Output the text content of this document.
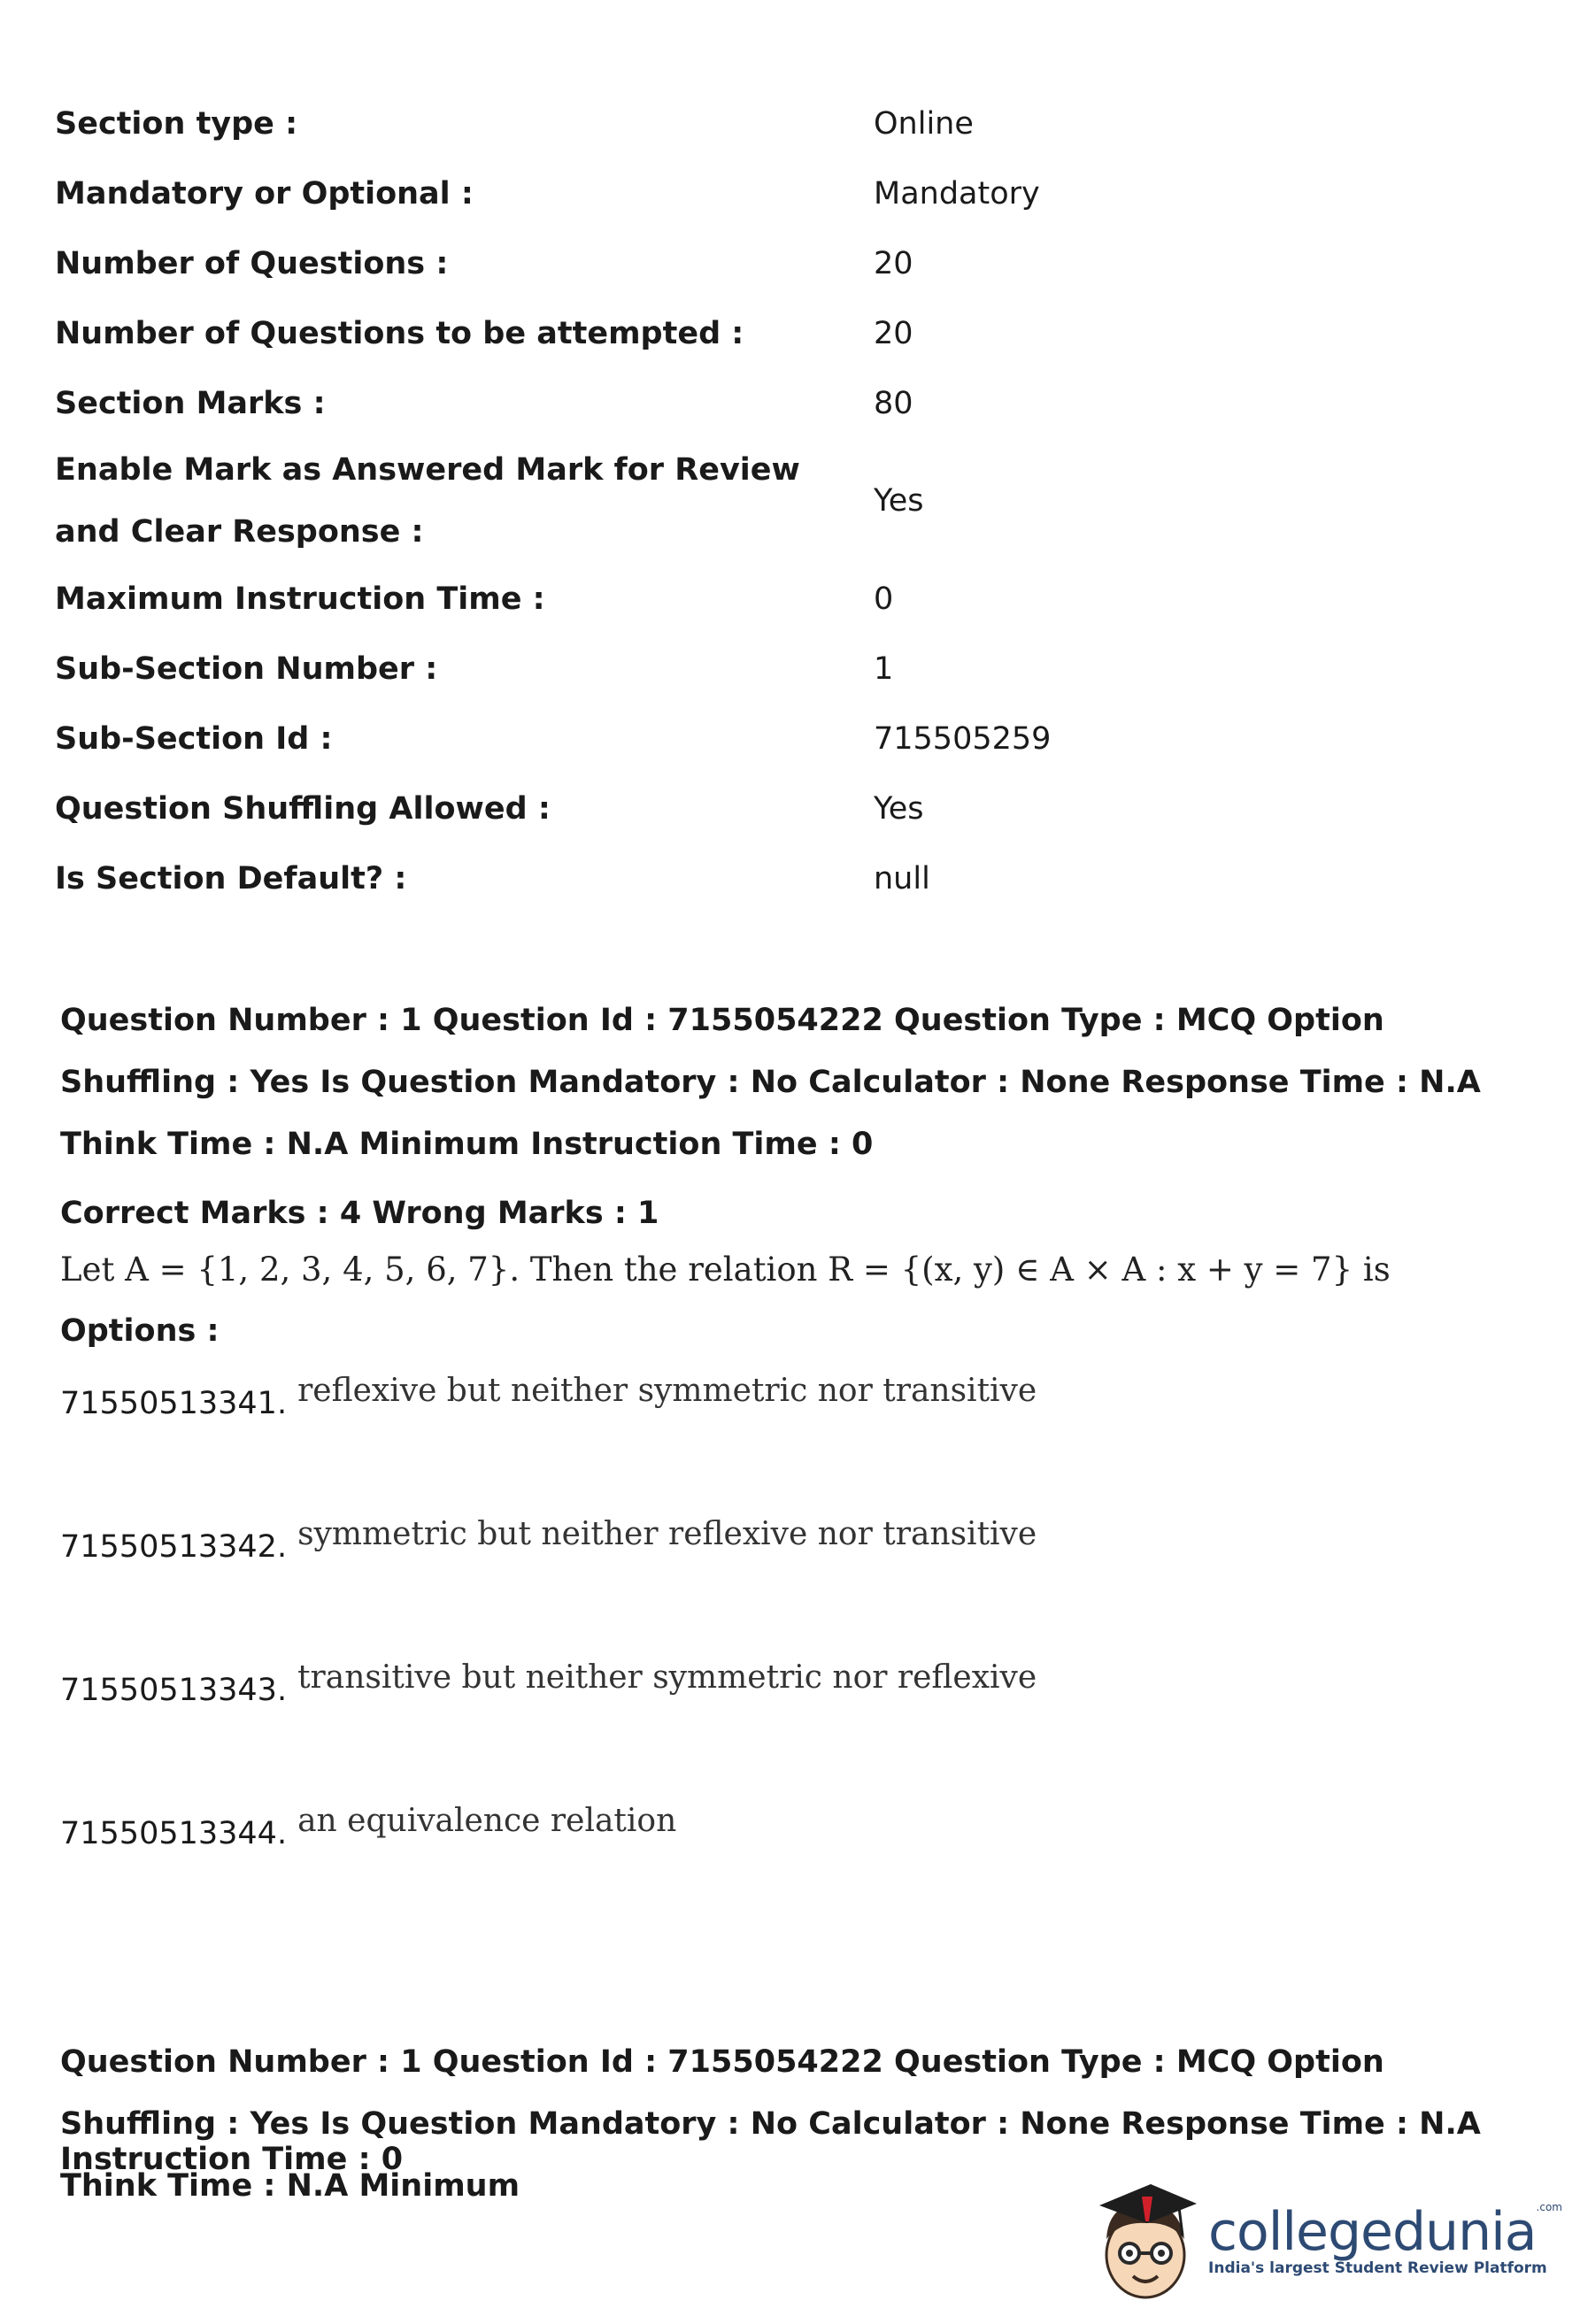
Section type :	Online
Mandatory or Optional :	Mandatory
Number of Questions :	20
Number of Questions to be attempted :	20
Section Marks :	80
Enable Mark as Answered Mark for Review and Clear Response :
Yes
Maximum Instruction Time :	0
Sub-Section Number :	1
Sub-Section Id :	715505259
Question Shuffling Allowed :	Yes
Is Section Default? :	null
Question Number : 1 Question Id : 7155054222 Question Type : MCQ Option Shuffling : Yes Is Question Mandatory : No Calculator : None Response Time : N.A Think Time : N.A Minimum Instruction Time : 0
Correct Marks : 4 Wrong Marks : 1
Let A = {1, 2, 3, 4, 5, 6, 7}. Then the relation R = {(x, y) ∈ A × A : x + y = 7} is
Options :
71550513341. reflexive but neither symmetric nor transitive
71550513342. symmetric but neither reflexive nor transitive
71550513343. transitive but neither symmetric nor reflexive
71550513344. an equivalence relation
Question Number : 1 Question Id : 7155054222 Question Type : MCQ Option Shuffling : Yes Is Question Mandatory : No Calculator : None Response Time : N.A Think Time : N.A Minimum
Instruction Time : 0
collegedunia$^{.com}$
India's largest Student Review Platform
